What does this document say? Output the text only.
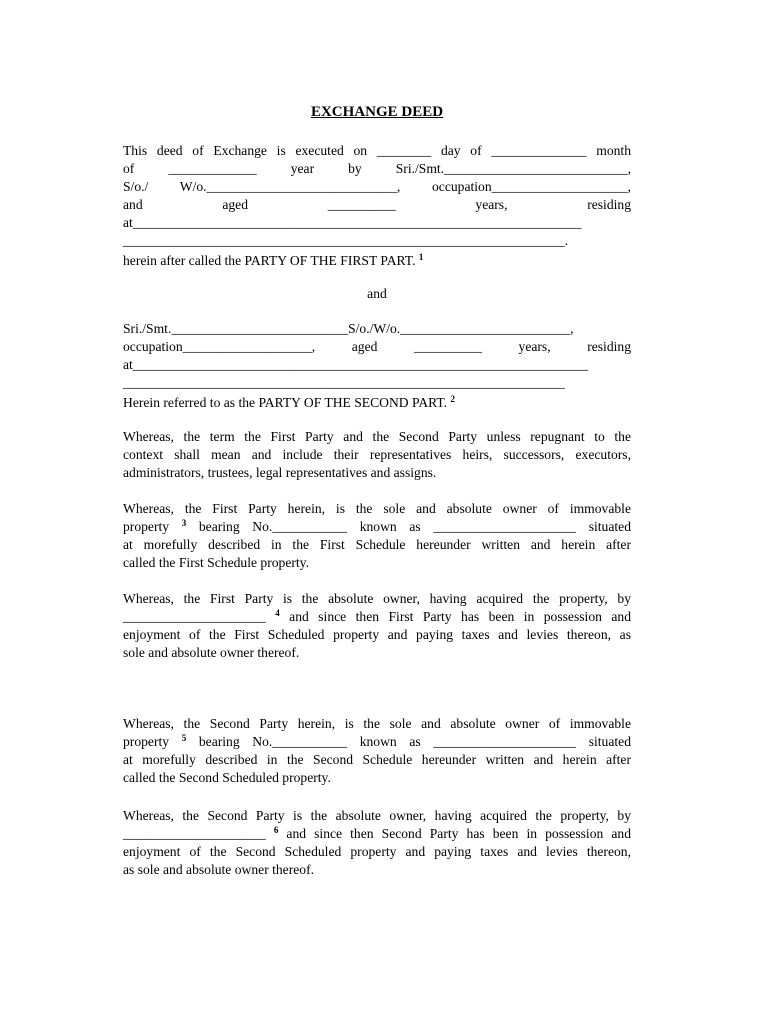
EXCHANGE DEED
This deed of Exchange is executed on ________ day of ______________ month
of _____________ year by Sri./Smt.___________________________,
S/o./ W/o.____________________________, occupation____________________,
and aged __________ years, residing
at__________________________________________________________________
_________________________________________________________________.
herein after called the PARTY OF THE FIRST PART. $^1$
and
Sri./Smt.__________________________S/o./W/o._________________________,
occupation___________________, aged __________ years, residing
at___________________________________________________________________
_________________________________________________________________
Herein referred to as the PARTY OF THE SECOND PART. $^2$
Whereas, the term the First Party and the Second Party unless repugnant to the
context shall mean and include their representatives heirs, successors, executors,
administrators, trustees, legal representatives and assigns.
Whereas, the First Party herein, is the sole and absolute owner of immovable
property $^3$ bearing No.___________ known as _____________________ situated
at morefully described in the First Schedule hereunder written and herein after
called the First Schedule property.
Whereas, the First Party is the absolute owner, having acquired the property, by
_____________________ $^4$ and since then First Party has been in possession and
enjoyment of the First Scheduled property and paying taxes and levies thereon, as
sole and absolute owner thereof.
Whereas, the Second Party herein, is the sole and absolute owner of immovable
property $^5$ bearing No.___________ known as _____________________ situated
at morefully described in the Second Schedule hereunder written and herein after
called the Second Scheduled property.
Whereas, the Second Party is the absolute owner, having acquired the property, by
_____________________ $^6$ and since then Second Party has been in possession and
enjoyment of the Second Scheduled property and paying taxes and levies thereon,
as sole and absolute owner thereof.
